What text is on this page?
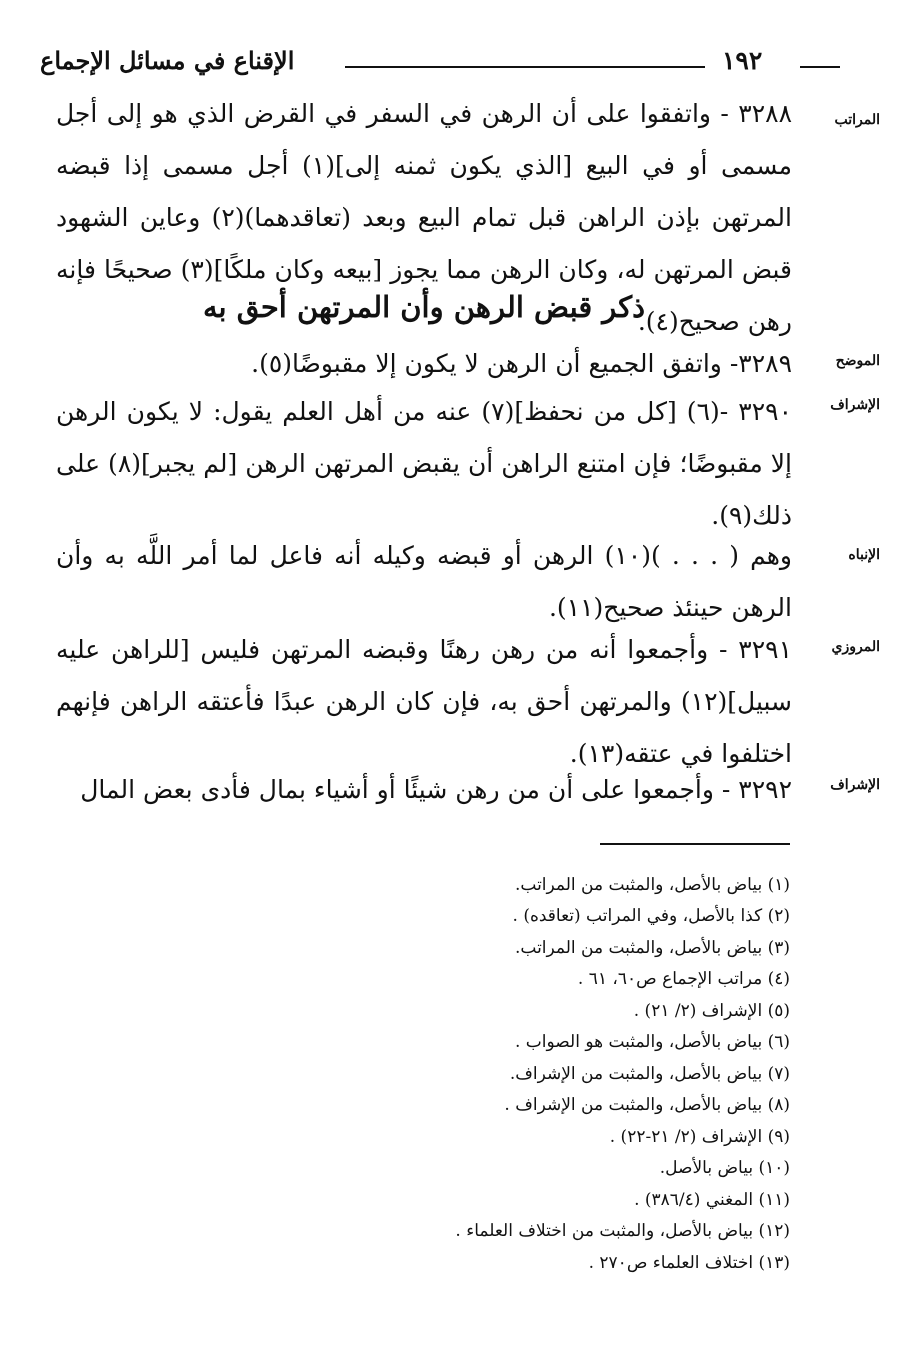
١٩٢
الإقناع في مسائل الإجماع
المراتب
الموضح
الإشراف
الإنباه
المروزي
الإشراف

٣٢٨٨ - واتفقوا على أن الرهن في السفر في القرض الذي هو إلى أجل مسمى أو في البيع [الذي يكون ثمنه إلى](١) أجل مسمى إذا قبضه المرتهن بإذن الراهن قبل تمام البيع وبعد (تعاقدهما)(٢) وعاين الشهود قبض المرتهن له، وكان الرهن مما يجوز [بيعه وكان ملكًا](٣) صحيحًا فإنه رهن صحيح(٤).

ذكر قبض الرهن وأن المرتهن أحق به

٣٢٨٩- واتفق الجميع أن الرهن لا يكون إلا مقبوضًا(٥).

٣٢٩٠ -(٦) [كل من نحفظ](٧) عنه من أهل العلم يقول: لا يكون الرهن إلا مقبوضًا؛ فإن امتنع الراهن أن يقبض المرتهن الرهن [لم يجبر](٨) على ذلك(٩).

وهم ( . . . )(١٠) الرهن أو قبضه وكيله أنه فاعل لما أمر اللَّه به وأن الرهن حينئذ صحيح(١١).

٣٢٩١ - وأجمعوا أنه من رهن رهنًا وقبضه المرتهن فليس [للراهن عليه سبيل](١٢) والمرتهن أحق به، فإن كان الرهن عبدًا فأعتقه الراهن فإنهم اختلفوا في عتقه(١٣).

٣٢٩٢ - وأجمعوا على أن من رهن شيئًا أو أشياء بمال فأدى بعض المال

(١) بياض بالأصل، والمثبت من المراتب.
(٢) كذا بالأصل، وفي المراتب (تعاقده) .
(٣) بياض بالأصل، والمثبت من المراتب.
(٤) مراتب الإجماع ص٦٠، ٦١ .
(٥) الإشراف (٢/ ٢١) .
(٦) بياض بالأصل، والمثبت هو الصواب .
(٧) بياض بالأصل، والمثبت من الإشراف.
(٨) بياض بالأصل، والمثبت من الإشراف .
(٩) الإشراف (٢/ ٢١-٢٢) .
(١٠) بياض بالأصل.
(١١) المغني (٣٨٦/٤) .
(١٢) بياض بالأصل، والمثبت من اختلاف العلماء .
(١٣) اختلاف العلماء ص٢٧٠ .
